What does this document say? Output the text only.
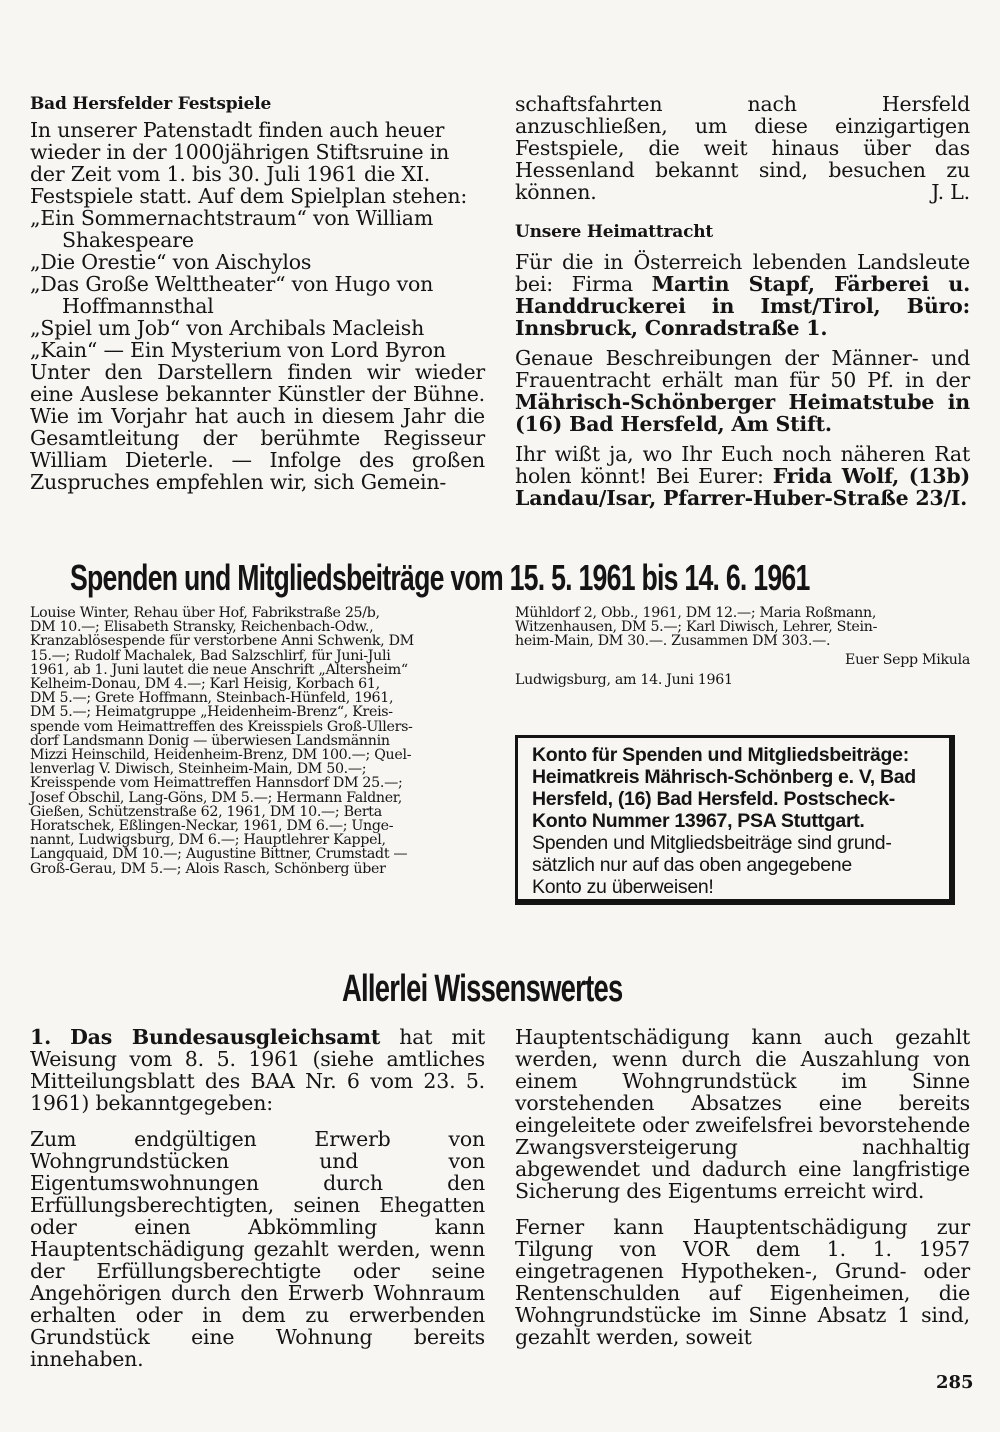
Bad Hersfelder Festspiele
In unserer Patenstadt finden auch heuer
wieder in der 1000jährigen Stiftsruine in
der Zeit vom 1. bis 30. Juli 1961 die XI.
Festspiele statt. Auf dem Spielplan stehen:
„Ein Sommernachtstraum“ von William Shakespeare
„Die Orestie“ von Aischylos
„Das Große Welttheater“ von Hugo von Hoffmannsthal
„Spiel um Job“ von Archibals Macleish
„Kain“ — Ein Mysterium von Lord Byron

Unter den Darstellern finden wir wieder eine Auslese bekannter Künstler der Bühne. Wie im Vorjahr hat auch in diesem Jahr die Gesamtleitung der berühmte Regisseur William Dieterle. — Infolge des großen Zuspruches empfehlen wir, sich Gemein-

schaftsfahrten nach Hersfeld anzuschließen, um diese einzigartigen Festspiele, die weit hinaus über das Hessenland bekannt sind, besuchen zu können.	J. L.
Unsere Heimattracht

Für die in Österreich lebenden Landsleute bei: Firma Martin Stapf, Färberei u. Handdruckerei in Imst/Tirol, Büro: Innsbruck, Conradstraße 1.

Genaue Beschreibungen der Männer- und Frauentracht erhält man für 50 Pf. in der Mährisch-Schönberger Heimatstube in (16) Bad Hersfeld, Am Stift.

Ihr wißt ja, wo Ihr Euch noch näheren Rat holen könnt! Bei Eurer: Frida Wolf, (13b) Landau/Isar, Pfarrer-Huber-Straße 23/I.

Spenden und Mitgliedsbeiträge vom 15. 5. 1961 bis 14. 6. 1961
Louise Winter, Rehau über Hof, Fabrikstraße 25/b,
DM 10.—; Elisabeth Stransky, Reichenbach-Odw.,
Kranzablösespende für verstorbene Anni Schwenk, DM
15.—; Rudolf Machalek, Bad Salzschlirf, für Juni-Juli
1961, ab 1. Juni lautet die neue Anschrift „Altersheim“
Kelheim-Donau, DM 4.—; Karl Heisig, Korbach 61,
DM 5.—; Grete Hoffmann, Steinbach-Hünfeld, 1961,
DM 5.—; Heimatgruppe „Heidenheim-Brenz“, Kreis-
spende vom Heimattreffen des Kreisspiels Groß-Ullers-
dorf Landsmann Donig — überwiesen Landsmännin
Mizzi Heinschild, Heidenheim-Brenz, DM 100.—; Quel-
lenverlag V. Diwisch, Steinheim-Main, DM 50.—;
Kreisspende vom Heimattreffen Hannsdorf DM 25.—;
Josef Obschil, Lang-Göns, DM 5.—; Hermann Faldner,
Gießen, Schützenstraße 62, 1961, DM 10.—; Berta
Horatschek, Eßlingen-Neckar, 1961, DM 6.—; Unge-
nannt, Ludwigsburg, DM 6.—; Hauptlehrer Kappel,
Langquaid, DM 10.—; Augustine Bittner, Crumstadt —
Groß-Gerau, DM 5.—; Alois Rasch, Schönberg über
Mühldorf 2, Obb., 1961, DM 12.—; Maria Roßmann,
Witzenhausen, DM 5.—; Karl Diwisch, Lehrer, Stein-
heim-Main, DM 30.—. Zusammen DM 303.—.
Euer Sepp Mikula
Ludwigsburg, am 14. Juni 1961
Konto für Spenden und Mitgliedsbeiträge:
Heimatkreis Mährisch-Schönberg e. V, Bad
Hersfeld, (16) Bad Hersfeld. Postscheck-
Konto Nummer 13967, PSA Stuttgart.
Spenden und Mitgliedsbeiträge sind grund-
sätzlich nur auf das oben angegebene
Konto zu überweisen!
Allerlei Wissenswertes

1. Das Bundesausgleichsamt hat mit Weisung vom 8. 5. 1961 (siehe amtliches Mitteilungsblatt des BAA Nr. 6 vom 23. 5. 1961) bekanntgegeben:

Zum endgültigen Erwerb von Wohngrundstücken und von Eigentumswohnungen durch den Erfüllungsberechtigten, seinen Ehegatten oder einen Abkömmling kann Hauptentschädigung gezahlt werden, wenn der Erfüllungsberechtigte oder seine Angehörigen durch den Erwerb Wohnraum erhalten oder in dem zu erwerbenden Grundstück eine Wohnung bereits innehaben.

Hauptentschädigung kann auch gezahlt werden, wenn durch die Auszahlung von einem Wohngrundstück im Sinne vorstehenden Absatzes eine bereits eingeleitete oder zweifelsfrei bevorstehende Zwangsversteigerung nachhaltig abgewendet und dadurch eine langfristige Sicherung des Eigentums erreicht wird.

Ferner kann Hauptentschädigung zur Tilgung von VOR dem 1. 1. 1957 eingetragenen Hypotheken-, Grund- oder Rentenschulden auf Eigenheimen, die Wohngrundstücke im Sinne Absatz 1 sind, gezahlt werden, soweit

285
